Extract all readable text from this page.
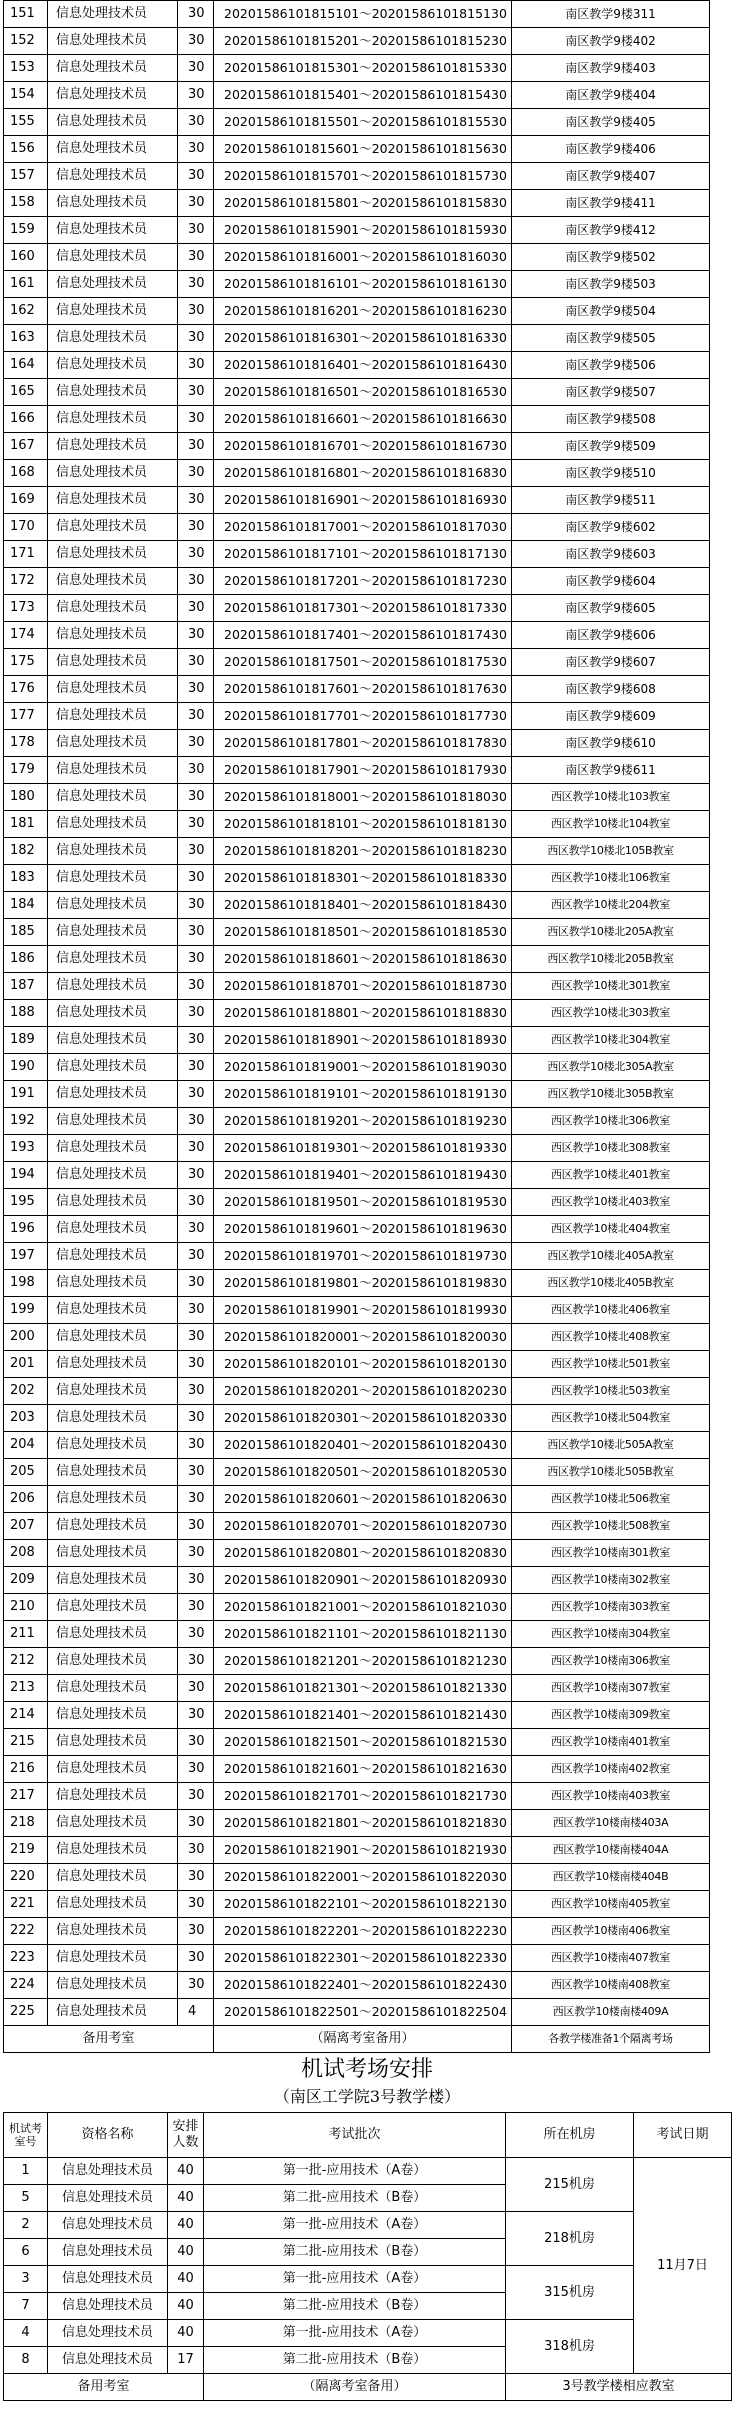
151	信息处理技术员	30	20201586101815101～20201586101815130	南区教学9楼311
152	信息处理技术员	30	20201586101815201～20201586101815230	南区教学9楼402
153	信息处理技术员	30	20201586101815301～20201586101815330	南区教学9楼403
154	信息处理技术员	30	20201586101815401～20201586101815430	南区教学9楼404
155	信息处理技术员	30	20201586101815501～20201586101815530	南区教学9楼405
156	信息处理技术员	30	20201586101815601～20201586101815630	南区教学9楼406
157	信息处理技术员	30	20201586101815701～20201586101815730	南区教学9楼407
158	信息处理技术员	30	20201586101815801～20201586101815830	南区教学9楼411
159	信息处理技术员	30	20201586101815901～20201586101815930	南区教学9楼412
160	信息处理技术员	30	20201586101816001～20201586101816030	南区教学9楼502
161	信息处理技术员	30	20201586101816101～20201586101816130	南区教学9楼503
162	信息处理技术员	30	20201586101816201～20201586101816230	南区教学9楼504
163	信息处理技术员	30	20201586101816301～20201586101816330	南区教学9楼505
164	信息处理技术员	30	20201586101816401～20201586101816430	南区教学9楼506
165	信息处理技术员	30	20201586101816501～20201586101816530	南区教学9楼507
166	信息处理技术员	30	20201586101816601～20201586101816630	南区教学9楼508
167	信息处理技术员	30	20201586101816701～20201586101816730	南区教学9楼509
168	信息处理技术员	30	20201586101816801～20201586101816830	南区教学9楼510
169	信息处理技术员	30	20201586101816901～20201586101816930	南区教学9楼511
170	信息处理技术员	30	20201586101817001～20201586101817030	南区教学9楼602
171	信息处理技术员	30	20201586101817101～20201586101817130	南区教学9楼603
172	信息处理技术员	30	20201586101817201～20201586101817230	南区教学9楼604
173	信息处理技术员	30	20201586101817301～20201586101817330	南区教学9楼605
174	信息处理技术员	30	20201586101817401～20201586101817430	南区教学9楼606
175	信息处理技术员	30	20201586101817501～20201586101817530	南区教学9楼607
176	信息处理技术员	30	20201586101817601～20201586101817630	南区教学9楼608
177	信息处理技术员	30	20201586101817701～20201586101817730	南区教学9楼609
178	信息处理技术员	30	20201586101817801～20201586101817830	南区教学9楼610
179	信息处理技术员	30	20201586101817901～20201586101817930	南区教学9楼611
180	信息处理技术员	30	20201586101818001～20201586101818030	西区教学10楼北103教室
181	信息处理技术员	30	20201586101818101～20201586101818130	西区教学10楼北104教室
182	信息处理技术员	30	20201586101818201～20201586101818230	西区教学10楼北105B教室
183	信息处理技术员	30	20201586101818301～20201586101818330	西区教学10楼北106教室
184	信息处理技术员	30	20201586101818401～20201586101818430	西区教学10楼北204教室
185	信息处理技术员	30	20201586101818501～20201586101818530	西区教学10楼北205A教室
186	信息处理技术员	30	20201586101818601～20201586101818630	西区教学10楼北205B教室
187	信息处理技术员	30	20201586101818701～20201586101818730	西区教学10楼北301教室
188	信息处理技术员	30	20201586101818801～20201586101818830	西区教学10楼北303教室
189	信息处理技术员	30	20201586101818901～20201586101818930	西区教学10楼北304教室
190	信息处理技术员	30	20201586101819001～20201586101819030	西区教学10楼北305A教室
191	信息处理技术员	30	20201586101819101～20201586101819130	西区教学10楼北305B教室
192	信息处理技术员	30	20201586101819201～20201586101819230	西区教学10楼北306教室
193	信息处理技术员	30	20201586101819301～20201586101819330	西区教学10楼北308教室
194	信息处理技术员	30	20201586101819401～20201586101819430	西区教学10楼北401教室
195	信息处理技术员	30	20201586101819501～20201586101819530	西区教学10楼北403教室
196	信息处理技术员	30	20201586101819601～20201586101819630	西区教学10楼北404教室
197	信息处理技术员	30	20201586101819701～20201586101819730	西区教学10楼北405A教室
198	信息处理技术员	30	20201586101819801～20201586101819830	西区教学10楼北405B教室
199	信息处理技术员	30	20201586101819901～20201586101819930	西区教学10楼北406教室
200	信息处理技术员	30	20201586101820001～20201586101820030	西区教学10楼北408教室
201	信息处理技术员	30	20201586101820101～20201586101820130	西区教学10楼北501教室
202	信息处理技术员	30	20201586101820201～20201586101820230	西区教学10楼北503教室
203	信息处理技术员	30	20201586101820301～20201586101820330	西区教学10楼北504教室
204	信息处理技术员	30	20201586101820401～20201586101820430	西区教学10楼北505A教室
205	信息处理技术员	30	20201586101820501～20201586101820530	西区教学10楼北505B教室
206	信息处理技术员	30	20201586101820601～20201586101820630	西区教学10楼北506教室
207	信息处理技术员	30	20201586101820701～20201586101820730	西区教学10楼北508教室
208	信息处理技术员	30	20201586101820801～20201586101820830	西区教学10楼南301教室
209	信息处理技术员	30	20201586101820901～20201586101820930	西区教学10楼南302教室
210	信息处理技术员	30	20201586101821001～20201586101821030	西区教学10楼南303教室
211	信息处理技术员	30	20201586101821101～20201586101821130	西区教学10楼南304教室
212	信息处理技术员	30	20201586101821201～20201586101821230	西区教学10楼南306教室
213	信息处理技术员	30	20201586101821301～20201586101821330	西区教学10楼南307教室
214	信息处理技术员	30	20201586101821401～20201586101821430	西区教学10楼南309教室
215	信息处理技术员	30	20201586101821501～20201586101821530	西区教学10楼南401教室
216	信息处理技术员	30	20201586101821601～20201586101821630	西区教学10楼南402教室
217	信息处理技术员	30	20201586101821701～20201586101821730	西区教学10楼南403教室
218	信息处理技术员	30	20201586101821801～20201586101821830	西区教学10楼南楼403A
219	信息处理技术员	30	20201586101821901～20201586101821930	西区教学10楼南楼404A
220	信息处理技术员	30	20201586101822001～20201586101822030	西区教学10楼南楼404B
221	信息处理技术员	30	20201586101822101～20201586101822130	西区教学10楼南405教室
222	信息处理技术员	30	20201586101822201～20201586101822230	西区教学10楼南406教室
223	信息处理技术员	30	20201586101822301～20201586101822330	西区教学10楼南407教室
224	信息处理技术员	30	20201586101822401～20201586101822430	西区教学10楼南408教室
225	信息处理技术员	4	20201586101822501～20201586101822504	西区教学10楼南楼409A
备用考室			（隔离考室备用）	各教学楼准备1个隔离考场
机试考场安排
（南区工学院3号教学楼）
机试考室号	资格名称	安排人数	考试批次	所在机房	考试日期
1	信息处理技术员	40	第一批-应用技术（A卷）	215机房	11月7日
5	信息处理技术员	40	第二批-应用技术（B卷）		
2	信息处理技术员	40	第一批-应用技术（A卷）	218机房	
6	信息处理技术员	40	第二批-应用技术（B卷）		
3	信息处理技术员	40	第一批-应用技术（A卷）	315机房	
7	信息处理技术员	40	第二批-应用技术（B卷）		
4	信息处理技术员	40	第一批-应用技术（A卷）	318机房	
8	信息处理技术员	17	第二批-应用技术（B卷）		
备用考室			（隔离考室备用）	3号教学楼相应教室	
